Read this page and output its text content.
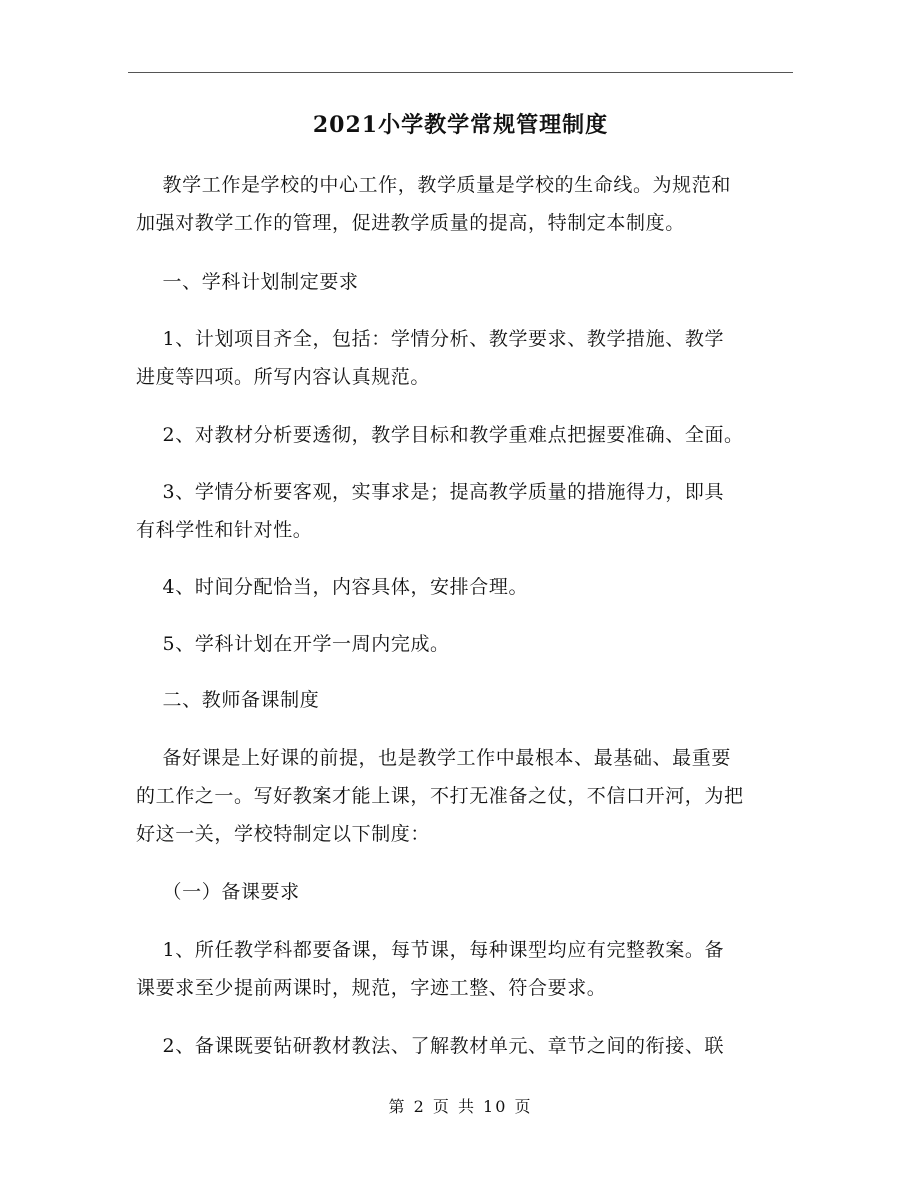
2021小学教学常规管理制度
教学工作是学校的中心工作，教学质量是学校的生命线。为规范和
加强对教学工作的管理，促进教学质量的提高，特制定本制度。
一、学科计划制定要求
1、计划项目齐全，包括：学情分析、教学要求、教学措施、教学
进度等四项。所写内容认真规范。
2、对教材分析要透彻，教学目标和教学重难点把握要准确、全面。
3、学情分析要客观，实事求是；提高教学质量的措施得力，即具
有科学性和针对性。
4、时间分配恰当，内容具体，安排合理。
5、学科计划在开学一周内完成。
二、教师备课制度
备好课是上好课的前提，也是教学工作中最根本、最基础、最重要
的工作之一。写好教案才能上课，不打无准备之仗，不信口开河，为把
好这一关，学校特制定以下制度：
（一）备课要求
1、所任教学科都要备课，每节课，每种课型均应有完整教案。备
课要求至少提前两课时，规范，字迹工整、符合要求。
2、备课既要钻研教材教法、了解教材单元、章节之间的衔接、联
第 2 页 共 10 页
